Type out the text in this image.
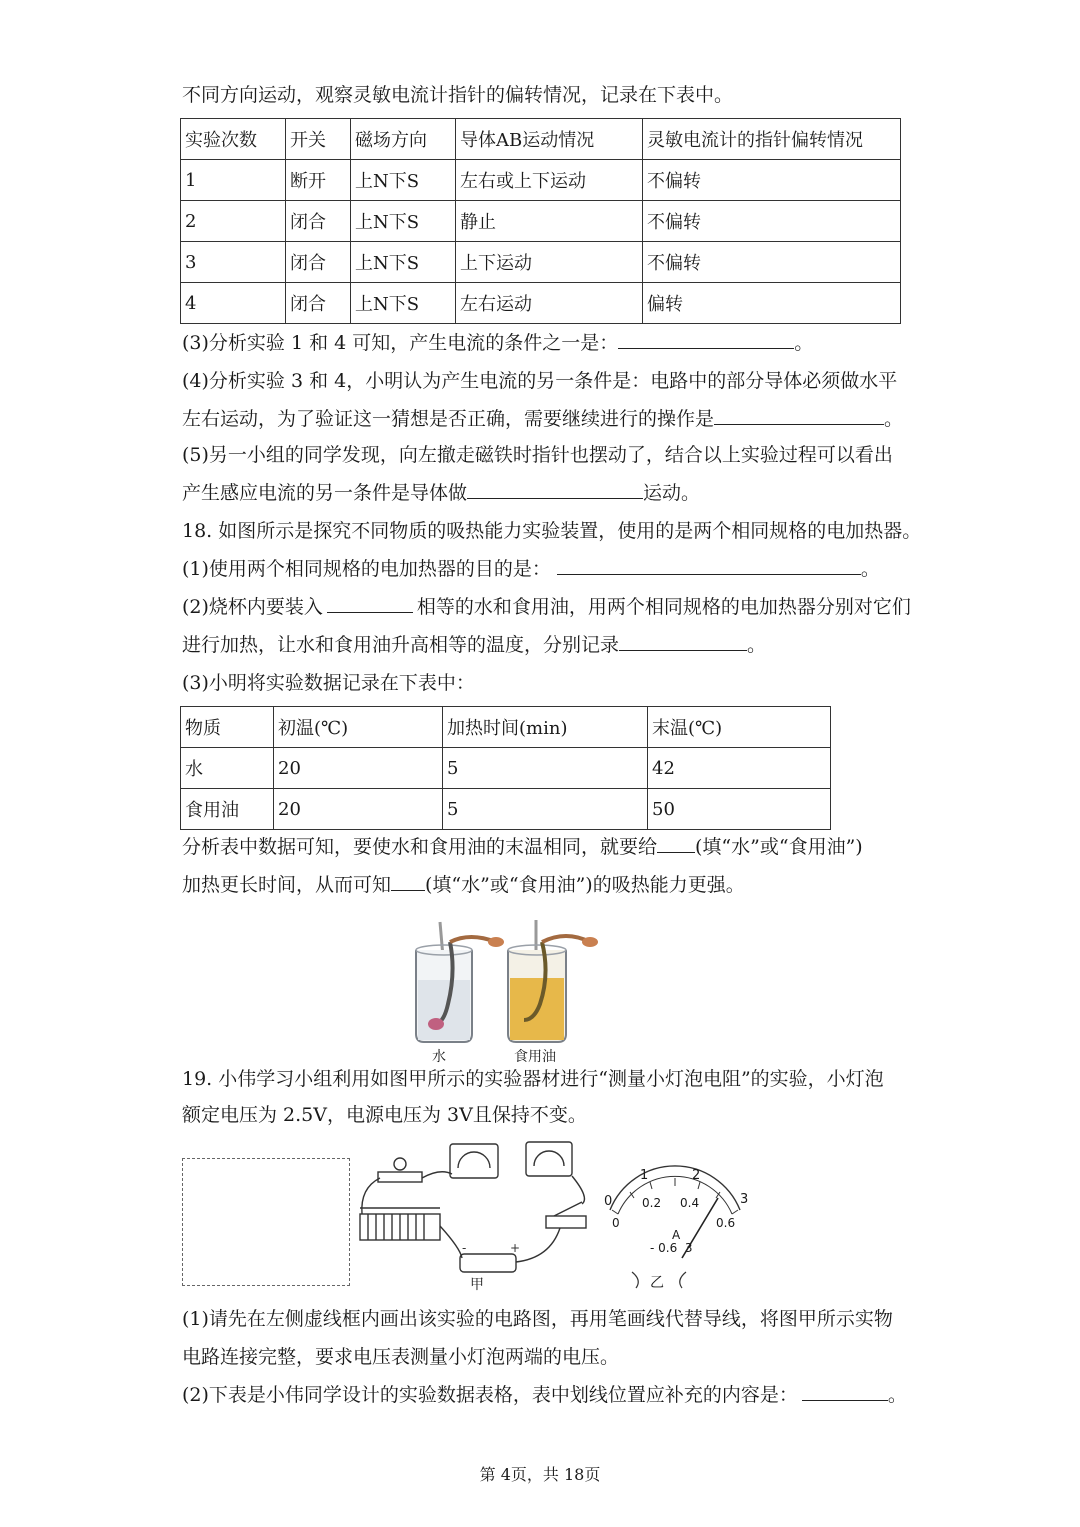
不同方向运动，观察灵敏电流计指针的偏转情况，记录在下表中。
实验次数	开关	磁场方向	导体AB运动情况	灵敏电流计的指针偏转情况
1	断开	上N下S	左右或上下运动	不偏转
2	闭合	上N下S	静止	不偏转
3	闭合	上N下S	上下运动	不偏转
4	闭合	上N下S	左右运动	偏转
(3)分析实验 1 和 4 可知，产生电流的条件之一是：	。
(4)分析实验 3 和 4，小明认为产生电流的另一条件是：电路中的部分导体必须做水平
左右运动，为了验证这一猜想是否正确，需要继续进行的操作是	。
(5)另一小组的同学发现，向左撤走磁铁时指针也摆动了，结合以上实验过程可以看出
产生感应电流的另一条件是导体做	运动。
18. 如图所示是探究不同物质的吸热能力实验装置，使用的是两个相同规格的电加热器。
(1)使用两个相同规格的电加热器的目的是：	。
(2)烧杯内要装入	相等的水和食用油，用两个相同规格的电加热器分别对它们
进行加热，让水和食用油升高相等的温度，分别记录	。
(3)小明将实验数据记录在下表中：
物质	初温(℃)	加热时间(min)	末温(℃)
水	20	5	42
食用油	20	5	50
分析表中数据可知，要使水和食用油的末温相同，就要给 (填“水”或“食用油”)
加热更长时间，从而可知 (填“水”或“食用油”)的吸热能力更强。
水	食用油
19. 小伟学习小组利用如图甲所示的实验器材进行“测量小灯泡电阻”的实验，小灯泡
额定电压为 2.5V，电源电压为 3V且保持不变。
-	+
甲
0
1	2
3
0
0.2 0.4
0.6
A
- 0.6  3
乙
(1)请先在左侧虚线框内画出该实验的电路图，再用笔画线代替导线，将图甲所示实物
电路连接完整，要求电压表测量小灯泡两端的电压。
(2)下表是小伟同学设计的实验数据表格，表中划线位置应补充的内容是：	。
第 4页，共 18页
